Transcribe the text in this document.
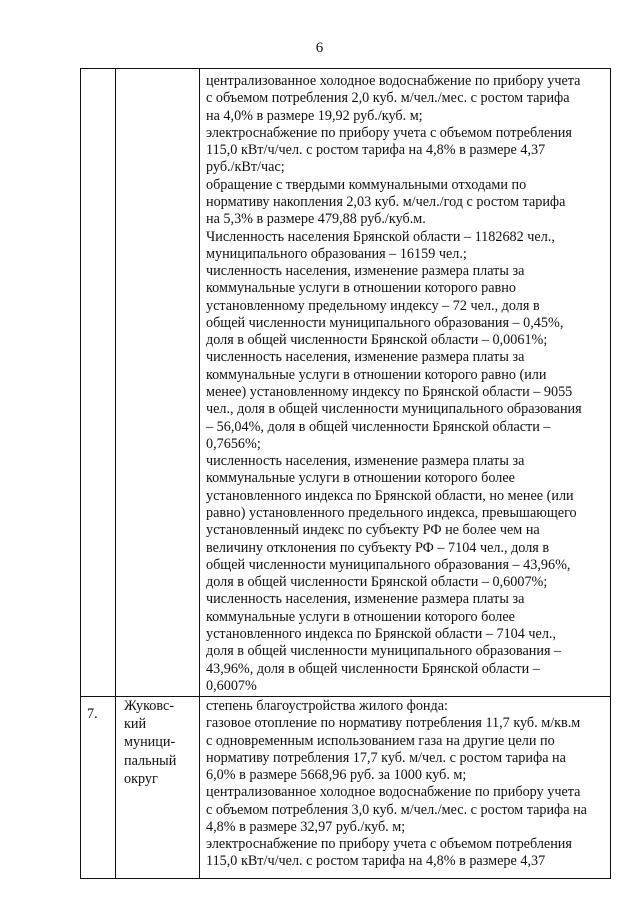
6
централизованное холодное водоснабжение по прибору учета
с объемом потребления 2,0 куб. м/чел./мес. с ростом тарифа
на 4,0% в размере 19,92 руб./куб. м;
электроснабжение по прибору учета с объемом потребления
115,0 кВт/ч/чел. с ростом тарифа на 4,8% в размере 4,37
руб./кВт/час;
обращение с твердыми коммунальными отходами по
нормативу накопления 2,03 куб. м/чел./год с ростом тарифа
на 5,3% в размере 479,88 руб./куб.м.
Численность населения Брянской области – 1182682 чел.,
муниципального образования – 16159 чел.;
численность населения, изменение размера платы за
коммунальные услуги в отношении которого равно
установленному предельному индексу – 72 чел., доля в
общей численности муниципального образования – 0,45%,
доля в общей численности Брянской области – 0,0061%;
численность населения, изменение размера платы за
коммунальные услуги в отношении которого равно (или
менее) установленному индексу по Брянской области – 9055
чел., доля в общей численности муниципального образования
– 56,04%, доля в общей численности Брянской области –
0,7656%;
численность населения, изменение размера платы за
коммунальные услуги в отношении которого более
установленного индекса по Брянской области, но менее (или
равно) установленного предельного индекса, превышающего
установленный индекс по субъекту РФ не более чем на
величину отклонения по субъекту РФ – 7104 чел., доля в
общей численности муниципального образования – 43,96%,
доля в общей численности Брянской области – 0,6007%;
численность населения, изменение размера платы за
коммунальные услуги в отношении которого более
установленного индекса по Брянской области – 7104 чел.,
доля в общей численности муниципального образования –
43,96%, доля в общей численности Брянской области –
0,6007%
7. Жуковс-
кий
муници-
пальный
округ
степень благоустройства жилого фонда:
газовое отопление по нормативу потребления 11,7 куб. м/кв.м
с одновременным использованием газа на другие цели по
нормативу потребления 17,7 куб. м/чел. с ростом тарифа на
6,0% в размере 5668,96 руб. за 1000 куб. м;
централизованное холодное водоснабжение по прибору учета
с объемом потребления 3,0 куб. м/чел./мес. с ростом тарифа на
4,8% в размере 32,97 руб./куб. м;
электроснабжение по прибору учета с объемом потребления
115,0 кВт/ч/чел. с ростом тарифа на 4,8% в размере 4,37
